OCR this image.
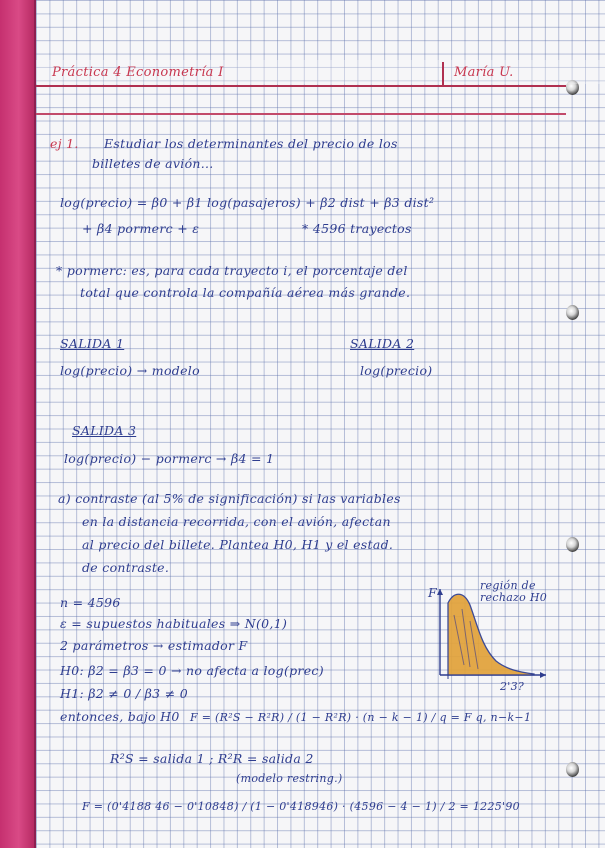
Práctica 4 Econometría I	María U.
ej 1. Estudiar los determinantes del precio de los
billetes de avión...
log(precio) = β0 + β1 log(pasajeros) + β2 dist + β3 dist²
+ β4 pormerc + ε	* 4596 trayectos
* pormerc: es, para cada trayecto i, el porcentaje del
total que controla la compañía aérea más grande.
SALIDA 1
log(precio) → modelo
SALIDA 2
log(precio)
SALIDA 3
log(precio) − pormerc → β4 = 1
a) contraste (al 5% de significación) si las variables
en la distancia recorrida, con el avión, afectan
al precio del billete. Plantea H0, H1 y el estad.
de contraste.
n = 4596
ε = supuestos habituales ⇒ N(0,1)
2 parámetros → estimador F
H0: β2 = β3 = 0 → no afecta a log(prec)
H1: β2 ≠ 0 / β3 ≠ 0
entonces, bajo H0 F = (R²S − R²R) / (1 − R²R) · (n − k − 1) / q = F q, n−k−1
R²S = salida 1 ; R²R = salida 2
(modelo restring.)
F = (0'4188 46 − 0'10848) / (1 − 0'418946) · (4596 − 4 − 1) / 2 = 1225'90
F	región de rechazo H0
2'3?
